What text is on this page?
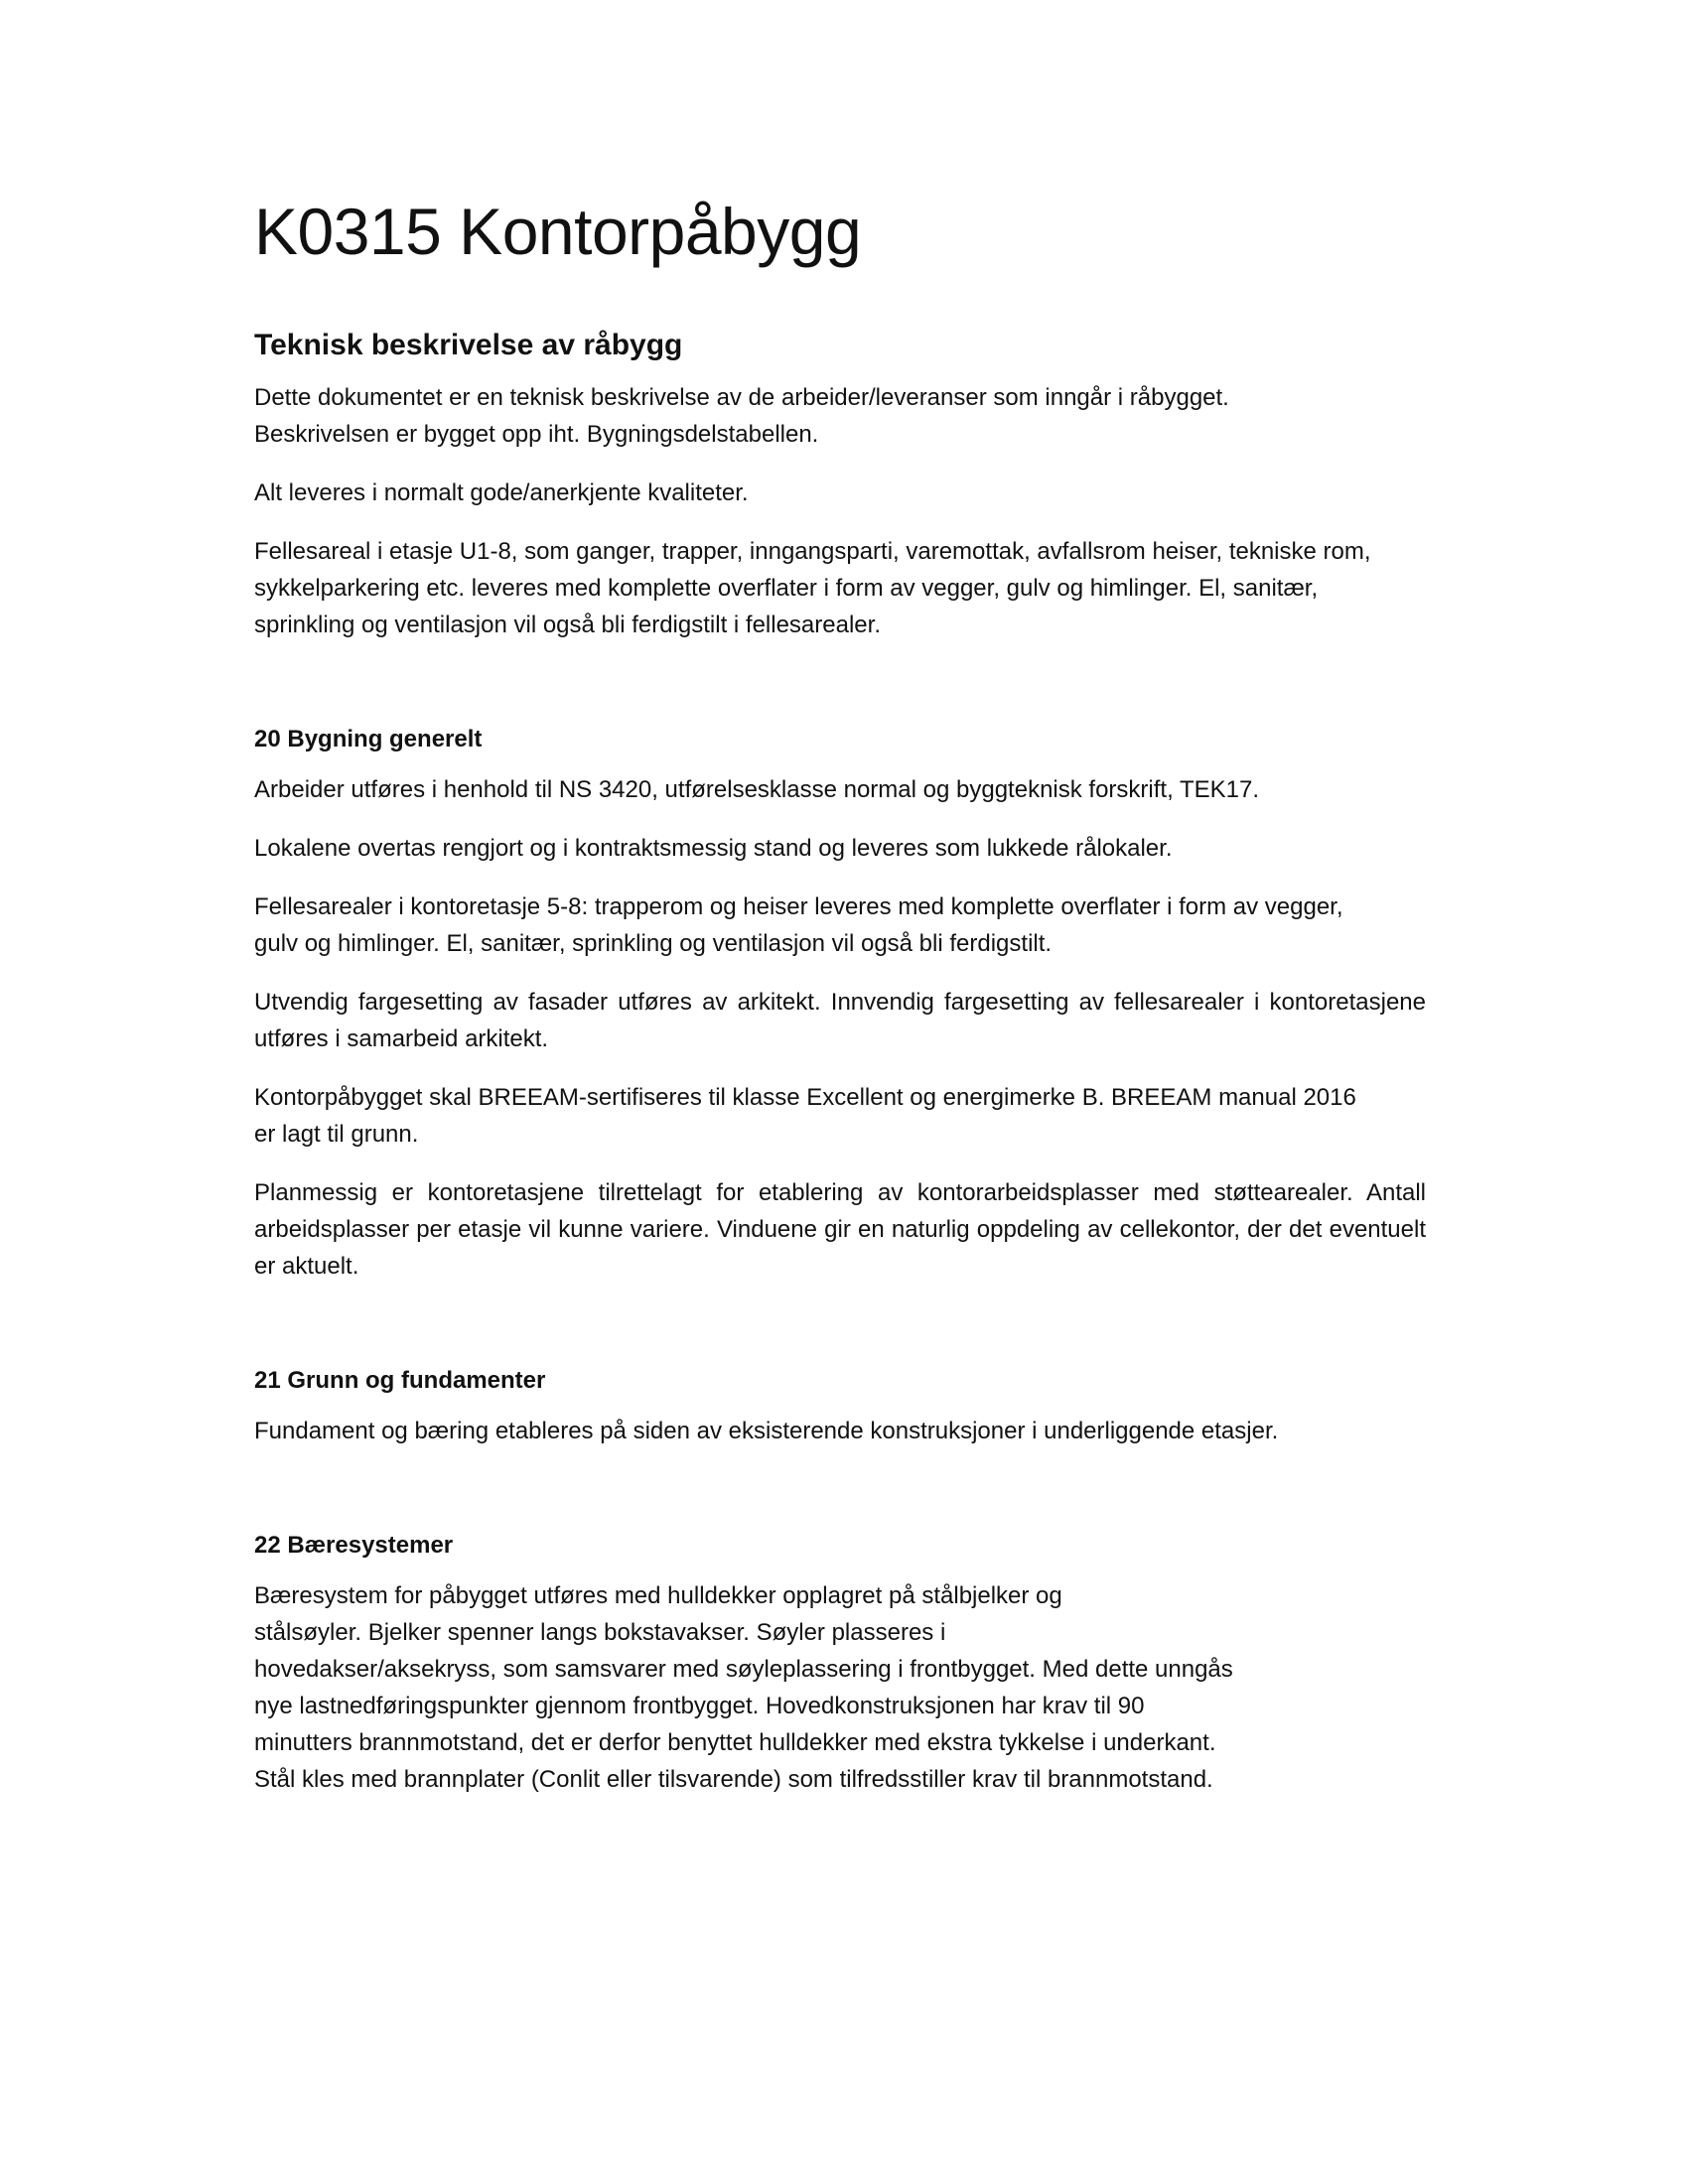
K0315 Kontorpåbygg
Teknisk beskrivelse av råbygg

Dette dokumentet er en teknisk beskrivelse av de arbeider/leveranser som inngår i råbygget. Beskrivelsen er bygget opp iht. Bygningsdelstabellen.

Alt leveres i normalt gode/anerkjente kvaliteter.

Fellesareal i etasje U1-8, som ganger, trapper, inngangsparti, varemottak, avfallsrom heiser, tekniske rom, sykkelparkering etc. leveres med komplette overflater i form av vegger, gulv og himlinger. El, sanitær, sprinkling og ventilasjon vil også bli ferdigstilt i fellesarealer.

20 Bygning generelt

Arbeider utføres i henhold til NS 3420, utførelsesklasse normal og byggteknisk forskrift, TEK17.

Lokalene overtas rengjort og i kontraktsmessig stand og leveres som lukkede rålokaler.

Fellesarealer i kontoretasje 5-8: trapperom og heiser leveres med komplette overflater i form av vegger, gulv og himlinger. El, sanitær, sprinkling og ventilasjon vil også bli ferdigstilt.

Utvendig fargesetting av fasader utføres av arkitekt. Innvendig fargesetting av fellesarealer i kontoretasjene utføres i samarbeid arkitekt.

Kontorpåbygget skal BREEAM-sertifiseres til klasse Excellent og energimerke B. BREEAM manual 2016 er lagt til grunn.

Planmessig er kontoretasjene tilrettelagt for etablering av kontorarbeidsplasser med støttearealer. Antall arbeidsplasser per etasje vil kunne variere. Vinduene gir en naturlig oppdeling av cellekontor, der det eventuelt er aktuelt.

21 Grunn og fundamenter

Fundament og bæring etableres på siden av eksisterende konstruksjoner i underliggende etasjer.

22 Bæresystemer

Bæresystem for påbygget utføres med hulldekker opplagret på stålbjelker og
stålsøyler. Bjelker spenner langs bokstavakser. Søyler plasseres i
hovedakser/aksekryss, som samsvarer med søyleplassering i frontbygget. Med dette unngås
nye lastnedføringspunkter gjennom frontbygget. Hovedkonstruksjonen har krav til 90
minutters brannmotstand, det er derfor benyttet hulldekker med ekstra tykkelse i underkant.
Stål kles med brannplater (Conlit eller tilsvarende) som tilfredsstiller krav til brannmotstand.
